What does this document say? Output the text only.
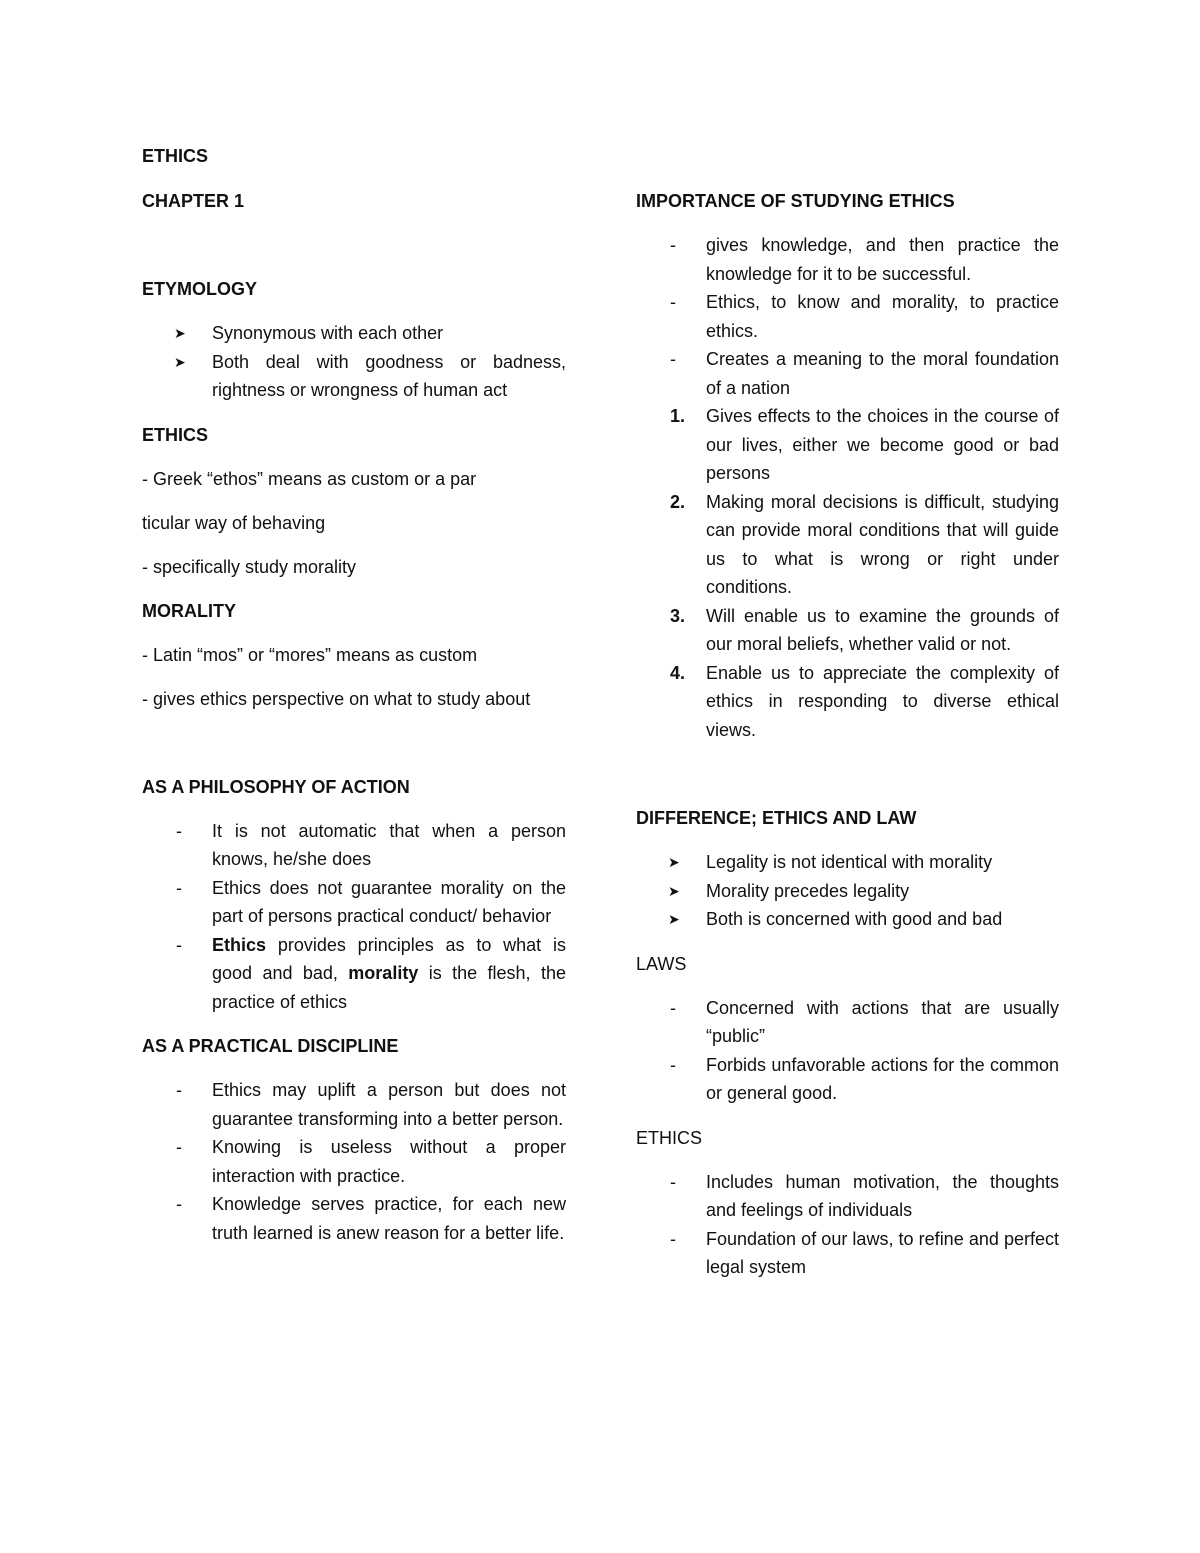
ETHICS
CHAPTER 1
ETYMOLOGY
➤ Synonymous with each other
➤ Both deal with goodness or badness, rightness or wrongness of human act
ETHICS
- Greek “ethos” means as custom or a par
ticular way of behaving
- specifically study morality
MORALITY
- Latin “mos” or “mores” means as custom
- gives ethics perspective on what to study about
AS A PHILOSOPHY OF ACTION
- It is not automatic that when a person knows, he/she does
- Ethics does not guarantee morality on the part of persons practical conduct/ behavior
- Ethics provides principles as to what is good and bad, morality is the flesh, the practice of ethics
AS A PRACTICAL DISCIPLINE
- Ethics may uplift a person but does not guarantee transforming into a better person.
- Knowing is useless without a proper interaction with practice.
- Knowledge serves practice, for each new truth learned is anew reason for a better life.
IMPORTANCE OF STUDYING ETHICS
- gives knowledge, and then practice the knowledge for it to be successful.
- Ethics, to know and morality, to practice ethics.
- Creates a meaning to the moral foundation of a nation
1. Gives effects to the choices in the course of our lives, either we become good or bad persons
2. Making moral decisions is difficult, studying can provide moral conditions that will guide us to what is wrong or right under conditions.
3. Will enable us to examine the grounds of our moral beliefs, whether valid or not.
4. Enable us to appreciate the complexity of ethics in responding to diverse ethical views.
DIFFERENCE; ETHICS AND LAW
➤ Legality is not identical with morality
➤ Morality precedes legality
➤ Both is concerned with good and bad
LAWS
- Concerned with actions that are usually “public”
- Forbids unfavorable actions for the common or general good.
ETHICS
- Includes human motivation, the thoughts and feelings of individuals
- Foundation of our laws, to refine and perfect legal system
